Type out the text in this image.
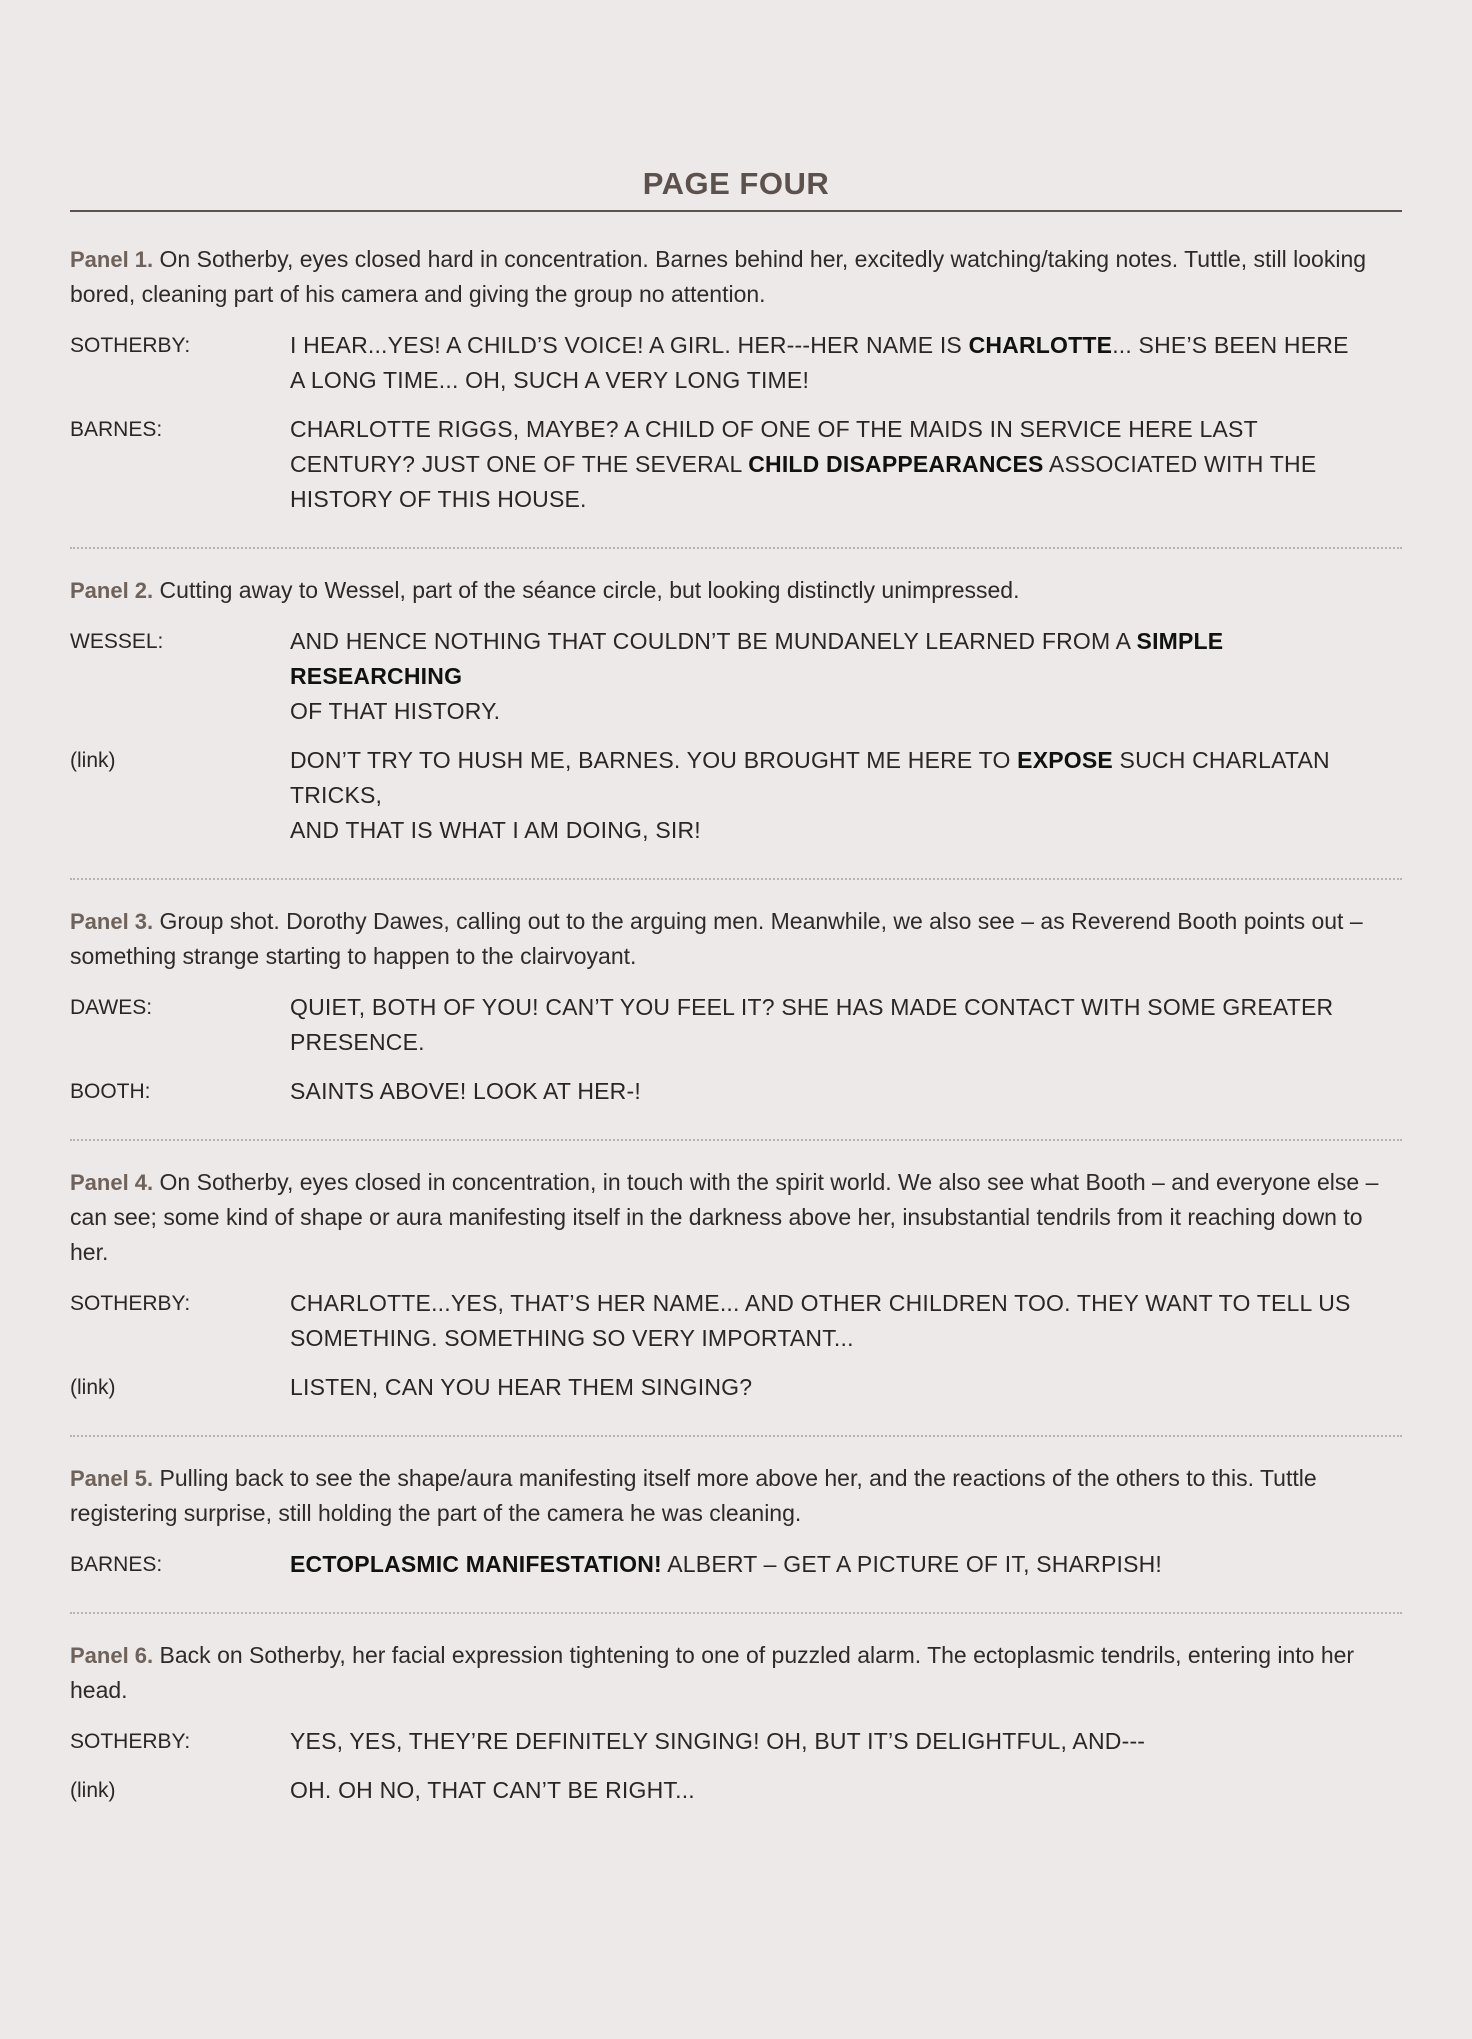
PAGE FOUR

Panel 1. On Sotherby, eyes closed hard in concentration. Barnes behind her, excitedly watching/taking notes. Tuttle, still looking bored, cleaning part of his camera and giving the group no attention.

SOTHERBY:	I HEAR...YES! A CHILD’S VOICE! A GIRL. HER---HER NAME IS CHARLOTTE... SHE’S BEEN HERE A LONG TIME... OH, SUCH A VERY LONG TIME!
BARNES:	CHARLOTTE RIGGS, MAYBE? A CHILD OF ONE OF THE MAIDS IN SERVICE HERE LAST CENTURY? JUST ONE OF THE SEVERAL CHILD DISAPPEARANCES ASSOCIATED WITH THE HISTORY OF THIS HOUSE.

Panel 2. Cutting away to Wessel, part of the séance circle, but looking distinctly unimpressed.

WESSEL:	AND HENCE NOTHING THAT COULDN’T BE MUNDANELY LEARNED FROM A SIMPLE RESEARCHING
OF THAT HISTORY.
(link)	DON’T TRY TO HUSH ME, BARNES. YOU BROUGHT ME HERE TO EXPOSE SUCH CHARLATAN TRICKS,
AND THAT IS WHAT I AM DOING, SIR!

Panel 3. Group shot. Dorothy Dawes, calling out to the arguing men. Meanwhile, we also see – as Reverend Booth points out – something strange starting to happen to the clairvoyant.

DAWES:	QUIET, BOTH OF YOU! CAN’T YOU FEEL IT? SHE HAS MADE CONTACT WITH SOME GREATER PRESENCE.
BOOTH:	SAINTS ABOVE! LOOK AT HER-!

Panel 4. On Sotherby, eyes closed in concentration, in touch with the spirit world. We also see what Booth – and everyone else – can see; some kind of shape or aura manifesting itself in the darkness above her, insubstantial tendrils from it reaching down to her.

SOTHERBY:	CHARLOTTE...YES, THAT’S HER NAME... AND OTHER CHILDREN TOO. THEY WANT TO TELL US SOMETHING. SOMETHING SO VERY IMPORTANT...
(link)	LISTEN, CAN YOU HEAR THEM SINGING?

Panel 5. Pulling back to see the shape/aura manifesting itself more above her, and the reactions of the others to this. Tuttle registering surprise, still holding the part of the camera he was cleaning.

BARNES:	ECTOPLASMIC MANIFESTATION! ALBERT – GET A PICTURE OF IT, SHARPISH!

Panel 6. Back on Sotherby, her facial expression tightening to one of puzzled alarm. The ectoplasmic tendrils, entering into her head.

SOTHERBY:	YES, YES, THEY’RE DEFINITELY SINGING! OH, BUT IT’S DELIGHTFUL, AND---
(link)	OH. OH NO, THAT CAN’T BE RIGHT...
